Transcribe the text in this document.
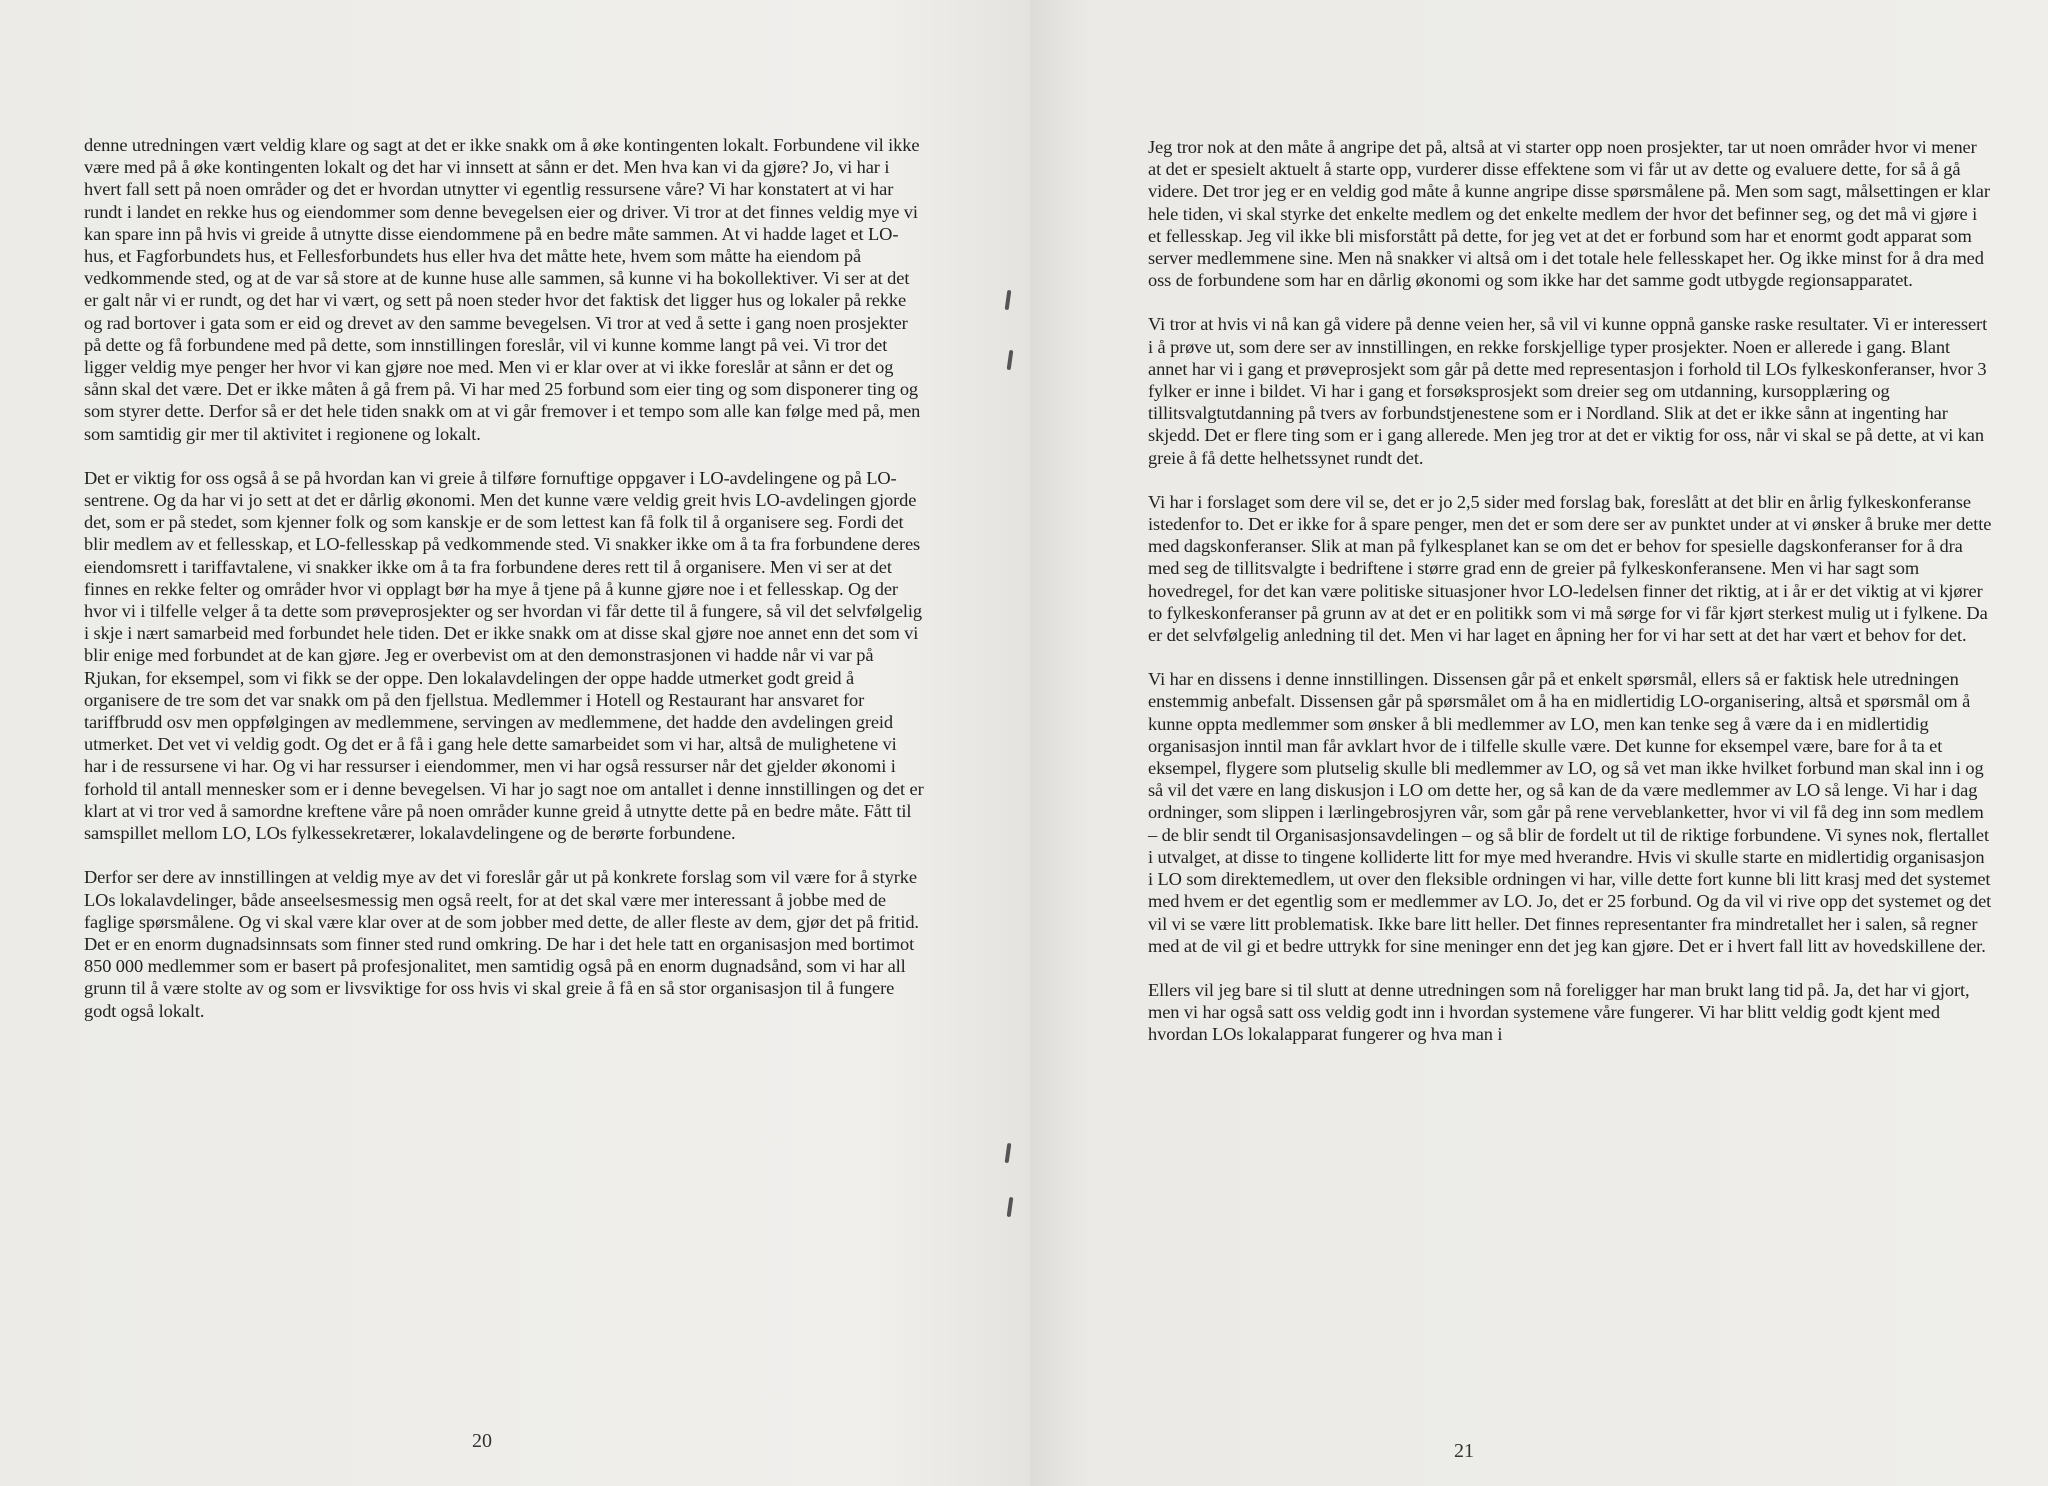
denne utredningen vært veldig klare og sagt at det er ikke snakk om å øke kontingenten lokalt. Forbundene vil ikke være med på å øke kontingenten lokalt og det har vi innsett at sånn er det. Men hva kan vi da gjøre? Jo, vi har i hvert fall sett på noen områder og det er hvordan utnytter vi egentlig ressursene våre? Vi har konstatert at vi har rundt i landet en rekke hus og eiendommer som denne bevegelsen eier og driver. Vi tror at det finnes veldig mye vi kan spare inn på hvis vi greide å utnytte disse eiendommene på en bedre måte sammen. At vi hadde laget et LO-hus, et Fagforbundets hus, et Fellesforbundets hus eller hva det måtte hete, hvem som måtte ha eiendom på vedkommende sted, og at de var så store at de kunne huse alle sammen, så kunne vi ha bokollektiver. Vi ser at det er galt når vi er rundt, og det har vi vært, og sett på noen steder hvor det faktisk det ligger hus og lokaler på rekke og rad bortover i gata som er eid og drevet av den samme bevegelsen. Vi tror at ved å sette i gang noen prosjekter på dette og få forbundene med på dette, som innstillingen foreslår, vil vi kunne komme langt på vei. Vi tror det ligger veldig mye penger her hvor vi kan gjøre noe med. Men vi er klar over at vi ikke foreslår at sånn er det og sånn skal det være. Det er ikke måten å gå frem på. Vi har med 25 forbund som eier ting og som disponerer ting og som styrer dette. Derfor så er det hele tiden snakk om at vi går fremover i et tempo som alle kan følge med på, men som samtidig gir mer til aktivitet i regionene og lokalt.

Det er viktig for oss også å se på hvordan kan vi greie å tilføre fornuftige oppgaver i LO-avdelingene og på LO-sentrene. Og da har vi jo sett at det er dårlig økonomi. Men det kunne være veldig greit hvis LO-avdelingen gjorde det, som er på stedet, som kjenner folk og som kanskje er de som lettest kan få folk til å organisere seg. Fordi det blir medlem av et fellesskap, et LO-fellesskap på vedkommende sted. Vi snakker ikke om å ta fra forbundene deres eiendomsrett i tariffavtalene, vi snakker ikke om å ta fra forbundene deres rett til å organisere. Men vi ser at det finnes en rekke felter og områder hvor vi opplagt bør ha mye å tjene på å kunne gjøre noe i et fellesskap. Og der hvor vi i tilfelle velger å ta dette som prøveprosjekter og ser hvordan vi får dette til å fungere, så vil det selvfølgelig i skje i nært samarbeid med forbundet hele tiden. Det er ikke snakk om at disse skal gjøre noe annet enn det som vi blir enige med forbundet at de kan gjøre. Jeg er overbevist om at den demonstrasjonen vi hadde når vi var på Rjukan, for eksempel, som vi fikk se der oppe. Den lokalavdelingen der oppe hadde utmerket godt greid å organisere de tre som det var snakk om på den fjellstua. Medlemmer i Hotell og Restaurant har ansvaret for tariffbrudd osv men oppfølgingen av medlemmene, servingen av medlemmene, det hadde den avdelingen greid utmerket. Det vet vi veldig godt. Og det er å få i gang hele dette samarbeidet som vi har, altså de mulighetene vi har i de ressursene vi har. Og vi har ressurser i eiendommer, men vi har også ressurser når det gjelder økonomi i forhold til antall mennesker som er i denne bevegelsen. Vi har jo sagt noe om antallet i denne innstillingen og det er klart at vi tror ved å samordne kreftene våre på noen områder kunne greid å utnytte dette på en bedre måte. Fått til samspillet mellom LO, LOs fylkessekretærer, lokalavdelingene og de berørte forbundene.

Derfor ser dere av innstillingen at veldig mye av det vi foreslår går ut på konkrete forslag som vil være for å styrke LOs lokalavdelinger, både anseelsesmessig men også reelt, for at det skal være mer interessant å jobbe med de faglige spørsmålene. Og vi skal være klar over at de som jobber med dette, de aller fleste av dem, gjør det på fritid. Det er en enorm dugnadsinnsats som finner sted rund omkring. De har i det hele tatt en organisasjon med bortimot 850 000 medlemmer som er basert på profesjonalitet, men samtidig også på en enorm dugnadsånd, som vi har all grunn til å være stolte av og som er livsviktige for oss hvis vi skal greie å få en så stor organisasjon til å fungere godt også lokalt.

20

Jeg tror nok at den måte å angripe det på, altså at vi starter opp noen prosjekter, tar ut noen områder hvor vi mener at det er spesielt aktuelt å starte opp, vurderer disse effektene som vi får ut av dette og evaluere dette, for så å gå videre. Det tror jeg er en veldig god måte å kunne angripe disse spørsmålene på. Men som sagt, målsettingen er klar hele tiden, vi skal styrke det enkelte medlem og det enkelte medlem der hvor det befinner seg, og det må vi gjøre i et fellesskap. Jeg vil ikke bli misforstått på dette, for jeg vet at det er forbund som har et enormt godt apparat som server medlemmene sine. Men nå snakker vi altså om i det totale hele fellesskapet her. Og ikke minst for å dra med oss de forbundene som har en dårlig økonomi og som ikke har det samme godt utbygde regionsapparatet.

Vi tror at hvis vi nå kan gå videre på denne veien her, så vil vi kunne oppnå ganske raske resultater. Vi er interessert i å prøve ut, som dere ser av innstillingen, en rekke forskjellige typer prosjekter. Noen er allerede i gang. Blant annet har vi i gang et prøveprosjekt som går på dette med representasjon i forhold til LOs fylkeskonferanser, hvor 3 fylker er inne i bildet. Vi har i gang et forsøksprosjekt som dreier seg om utdanning, kursopplæring og tillitsvalgtutdanning på tvers av forbundstjenestene som er i Nordland. Slik at det er ikke sånn at ingenting har skjedd. Det er flere ting som er i gang allerede. Men jeg tror at det er viktig for oss, når vi skal se på dette, at vi kan greie å få dette helhetssynet rundt det.

Vi har i forslaget som dere vil se, det er jo 2,5 sider med forslag bak, foreslått at det blir en årlig fylkeskonferanse istedenfor to. Det er ikke for å spare penger, men det er som dere ser av punktet under at vi ønsker å bruke mer dette med dagskonferanser. Slik at man på fylkesplanet kan se om det er behov for spesielle dagskonferanser for å dra med seg de tillitsvalgte i bedriftene i større grad enn de greier på fylkeskonferansene. Men vi har sagt som hovedregel, for det kan være politiske situasjoner hvor LO-ledelsen finner det riktig, at i år er det viktig at vi kjører to fylkeskonferanser på grunn av at det er en politikk som vi må sørge for vi får kjørt sterkest mulig ut i fylkene. Da er det selvfølgelig anledning til det. Men vi har laget en åpning her for vi har sett at det har vært et behov for det.

Vi har en dissens i denne innstillingen. Dissensen går på et enkelt spørsmål, ellers så er faktisk hele utredningen enstemmig anbefalt. Dissensen går på spørsmålet om å ha en midlertidig LO-organisering, altså et spørsmål om å kunne oppta medlemmer som ønsker å bli medlemmer av LO, men kan tenke seg å være da i en midlertidig organisasjon inntil man får avklart hvor de i tilfelle skulle være. Det kunne for eksempel være, bare for å ta et eksempel, flygere som plutselig skulle bli medlemmer av LO, og så vet man ikke hvilket forbund man skal inn i og så vil det være en lang diskusjon i LO om dette her, og så kan de da være medlemmer av LO så lenge. Vi har i dag ordninger, som slippen i lærlingebrosjyren vår, som går på rene verveblanketter, hvor vi vil få deg inn som medlem – de blir sendt til Organisasjonsavdelingen – og så blir de fordelt ut til de riktige forbundene. Vi synes nok, flertallet i utvalget, at disse to tingene kolliderte litt for mye med hverandre. Hvis vi skulle starte en midlertidig organisasjon i LO som direktemedlem, ut over den fleksible ordningen vi har, ville dette fort kunne bli litt krasj med det systemet med hvem er det egentlig som er medlemmer av LO. Jo, det er 25 forbund. Og da vil vi rive opp det systemet og det vil vi se være litt problematisk. Ikke bare litt heller. Det finnes representanter fra mindretallet her i salen, så regner med at de vil gi et bedre uttrykk for sine meninger enn det jeg kan gjøre. Det er i hvert fall litt av hovedskillene der.

Ellers vil jeg bare si til slutt at denne utredningen som nå foreligger har man brukt lang tid på. Ja, det har vi gjort, men vi har også satt oss veldig godt inn i hvordan systemene våre fungerer. Vi har blitt veldig godt kjent med hvordan LOs lokalapparat fungerer og hva man i

21
